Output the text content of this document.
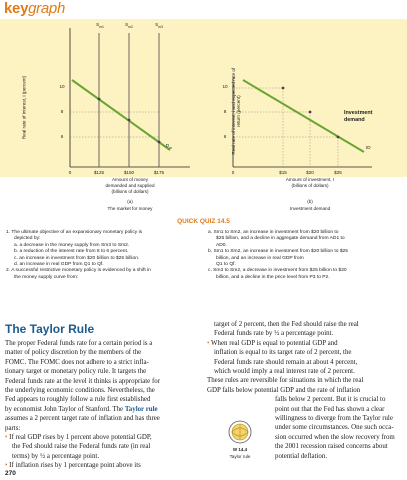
keygraph
Real rate of interest, i (percent)	10
8
6
$S_{m1}$	$S_{m2}$	$S_{m3}$
$D_m$
0	$125	$150	$175
Amount of money
demanded and supplied
(billions of dollars)
(a)
The market for money
Real rate of interest, i and expected rate of return (percent)
10
8
6
Investment
demand
ID
0	$15	$20	$25
Amount of investment, I
(billions of dollars)
(b)
Investment demand
QUICK QUIZ 14.5

1. The ultimate objective of an expansionary monetary policy is

depicted by:

a. a decrease in the money supply from Sm3 to Sm2.

b. a reduction of the interest rate from 8 to 6 percent.

c. an increase in investment from $20 billion to $25 billion.

d. an increase in real GDP from Q1 to Qf.

2. A successful restrictive monetary policy is evidenced by a shift in

the money supply curve from:

a. Sm1 to Sm2, an increase in investment from $20 billion to

$25 billion, and a decline in aggregate demand from AD1 to

AD0.

b. Sm1 to Sm2, an increase in investment from $20 billion to $25

billion, and an increase in real GDP from

Q1 to Qf.

c. Sm3 to Sm2, a decrease in investment from $25 billion to $20

billion, and a decline in the price level from P3 to P2.

The Taylor Rule

The proper Federal funds rate for a certain period is a

matter of policy discretion by the members of the

FOMC. The FOMC does not adhere to a strict infla-

tionary target or monetary policy rule. It targets the

Federal funds rate at the level it thinks is appropriate for

the underlying economic conditions. Nevertheless, the

Fed appears to roughly follow a rule first established

by economist John Taylor of Stanford. The Taylor rule

assumes a 2 percent target rate of inflation and has three

parts:

• If real GDP rises by 1 percent above potential GDP,

the Fed should raise the Federal funds rate (in real

terms) by ½ a percentage point.

• If inflation rises by 1 percentage point above its

target of 2 percent, then the Fed should raise the real

Federal funds rate by ½ a percentage point.

• When real GDP is equal to potential GDP and

inflation is equal to its target rate of 2 percent, the

Federal funds rate should remain at about 4 percent,

which would imply a real interest rate of 2 percent.

These rules are reversible for situations in which the real

GDP falls below potential GDP and the rate of inflation

falls below 2 percent. But it is crucial to

point out that the Fed has shown a clear

willingness to diverge from the Taylor rule

under some circumstances. One such occa-

sion occurred when the slow recovery from

the 2001 recession raised concerns about

potential deflation.

W 14.4
Taylor rule
270
